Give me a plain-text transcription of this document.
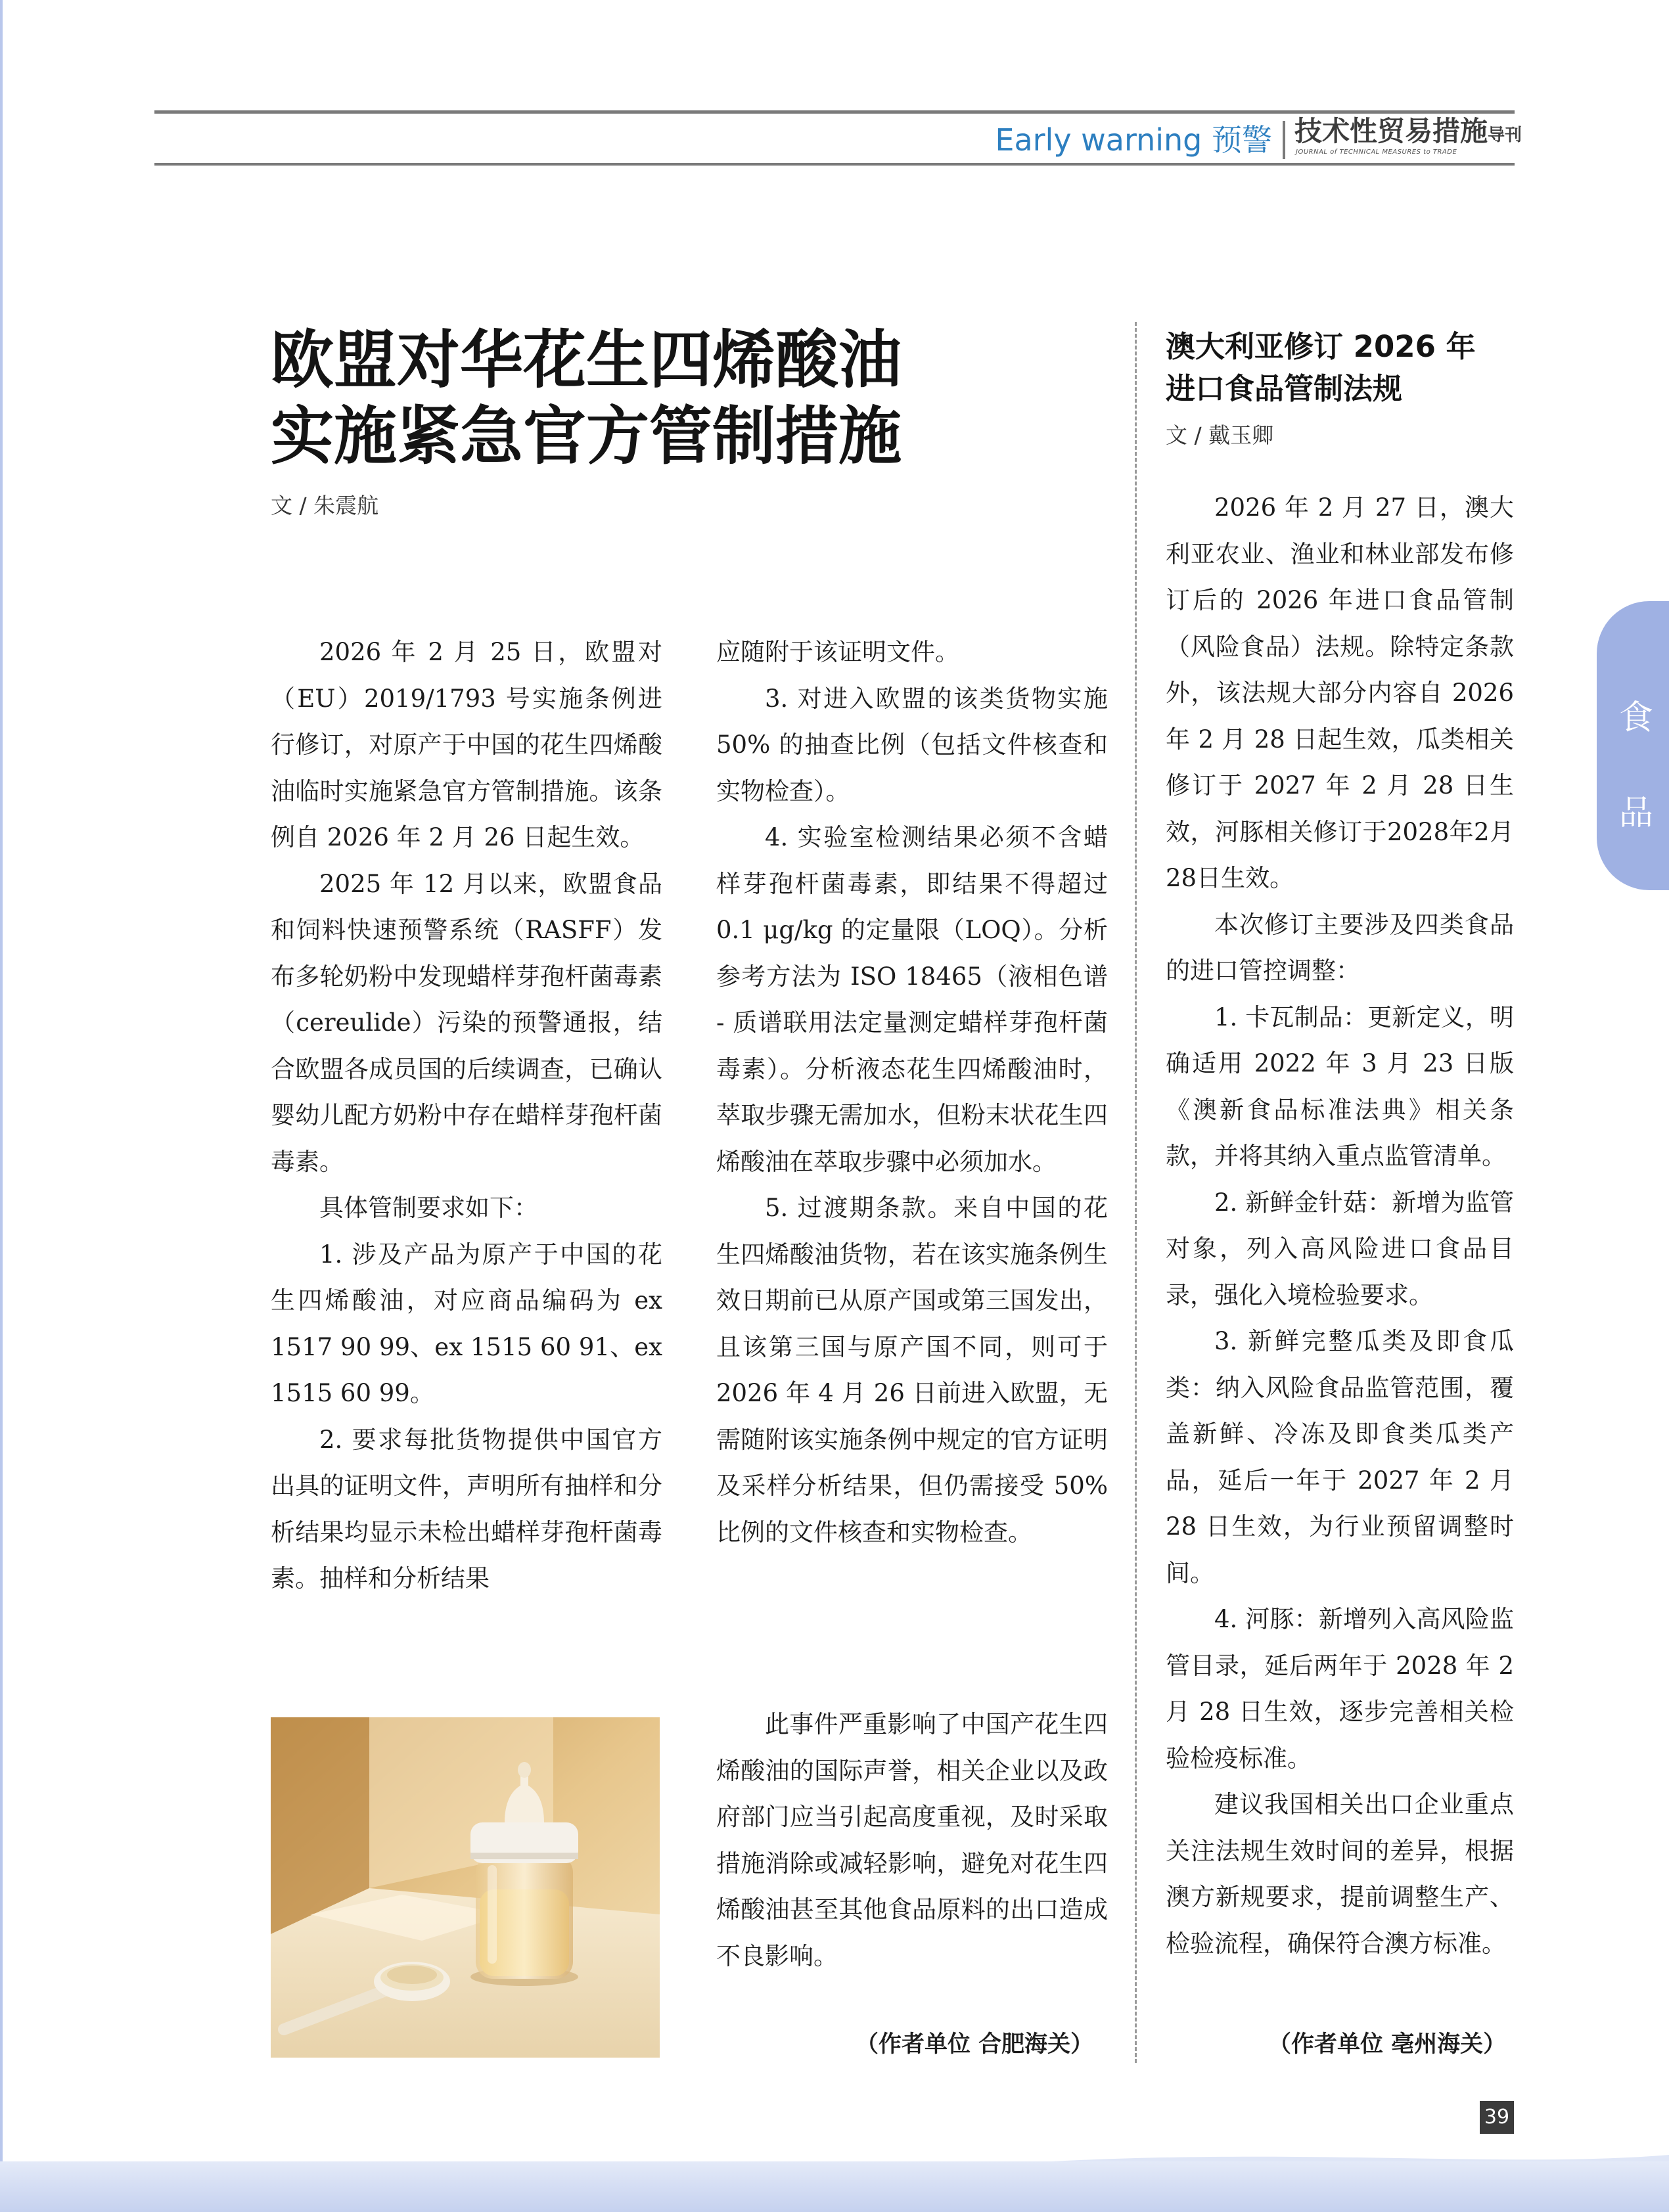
Early warning 预警 技术性贸易措施导刊
JOURNAL of TECHNICAL MEASURES to TRADE
欧盟对华花生四烯酸油
实施紧急官方管制措施
文 / 朱震航

2026 年 2 月 25 日，欧盟对（EU）2019/1793 号实施条例进行修订，对原产于中国的花生四烯酸油临时实施紧急官方管制措施。该条例自 2026 年 2 月 26 日起生效。

2025 年 12 月以来，欧盟食品和饲料快速预警系统（RASFF）发布多轮奶粉中发现蜡样芽孢杆菌毒素（cereulide）污染的预警通报，结合欧盟各成员国的后续调查，已确认婴幼儿配方奶粉中存在蜡样芽孢杆菌毒素。

具体管制要求如下：

1. 涉及产品为原产于中国的花生四烯酸油，对应商品编码为 ex 1517 90 99、ex 1515 60 91、ex 1515 60 99。

2. 要求每批货物提供中国官方出具的证明文件，声明所有抽样和分析结果均显示未检出蜡样芽孢杆菌毒素。抽样和分析结果

应随附于该证明文件。

3. 对进入欧盟的该类货物实施 50% 的抽查比例（包括文件核查和实物检查）。

4. 实验室检测结果必须不含蜡样芽孢杆菌毒素，即结果不得超过 0.1 μg/kg 的定量限（LOQ）。分析参考方法为 ISO 18465（液相色谱 - 质谱联用法定量测定蜡样芽孢杆菌毒素）。分析液态花生四烯酸油时，萃取步骤无需加水，但粉末状花生四烯酸油在萃取步骤中必须加水。

5. 过渡期条款。来自中国的花生四烯酸油货物，若在该实施条例生效日期前已从原产国或第三国发出，且该第三国与原产国不同，则可于 2026 年 4 月 26 日前进入欧盟，无需随附该实施条例中规定的官方证明及采样分析结果，但仍需接受 50% 比例的文件核查和实物检查。

此事件严重影响了中国产花生四烯酸油的国际声誉，相关企业以及政府部门应当引起高度重视，及时采取措施消除或减轻影响，避免对花生四烯酸油甚至其他食品原料的出口造成不良影响。

（作者单位 合肥海关）
澳大利亚修订 2026 年
进口食品管制法规
文 / 戴玉卿

2026 年 2 月 27 日，澳大利亚农业、渔业和林业部发布修订后的 2026 年进口食品管制（风险食品）法规。除特定条款外，该法规大部分内容自 2026 年 2 月 28 日起生效，瓜类相关修订于 2027 年 2 月 28 日生效，河豚相关修订于2028年2月28日生效。

本次修订主要涉及四类食品的进口管控调整：

1. 卡瓦制品：更新定义，明确适用 2022 年 3 月 23 日版《澳新食品标准法典》相关条款，并将其纳入重点监管清单。

2. 新鲜金针菇：新增为监管对象，列入高风险进口食品目录，强化入境检验要求。

3. 新鲜完整瓜类及即食瓜类：纳入风险食品监管范围，覆盖新鲜、冷冻及即食类瓜类产品，延后一年于 2027 年 2 月 28 日生效，为行业预留调整时间。

4. 河豚：新增列入高风险监管目录，延后两年于 2028 年 2 月 28 日生效，逐步完善相关检验检疫标准。

建议我国相关出口企业重点关注法规生效时间的差异，根据澳方新规要求，提前调整生产、检验流程，确保符合澳方标准。

（作者单位 亳州海关）
食
品
39
